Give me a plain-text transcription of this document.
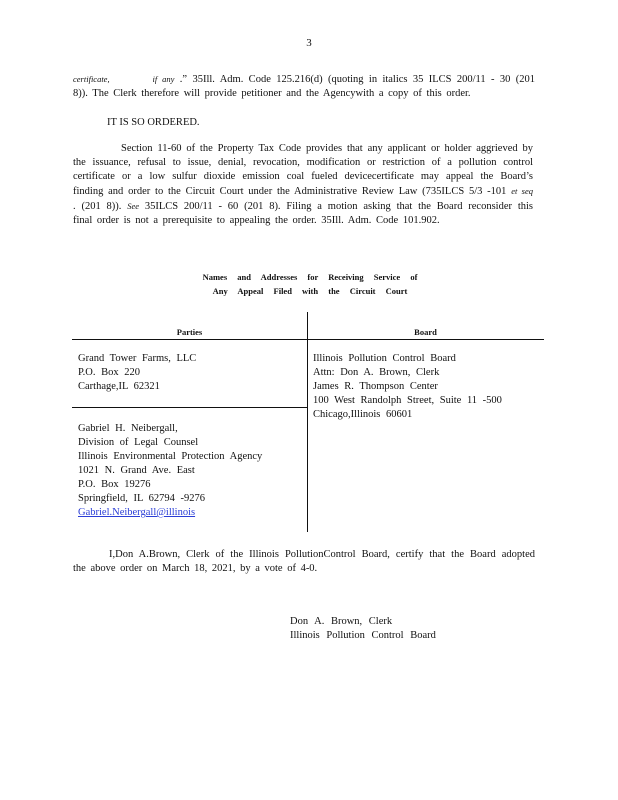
3
certificate,	if any .” 35Ill. Adm. Code 125.216(d) (quoting in italics 35 ILCS 200/11 - 30 (201 8)). The Clerk therefore will provide petitioner and the Agencywith a copy of this order.
IT IS SO ORDERED.
Section 11-60 of the Property Tax Code provides that any applicant or holder aggrieved by the issuance, refusal to issue, denial, revocation, modification or restriction of a pollution control certificate or a low sulfur dioxide emission coal fueled devicecertificate may appeal the Board’s finding and order to the Circuit Court under the Administrative Review Law (735ILCS 5/3 -101 et seq . (201 8)). See 35ILCS 200/11 - 60 (201 8). Filing a motion asking that the Board reconsider this final order is not a prerequisite to appealing the order. 35Ill. Adm. Code 101.902.
Names and Addresses for Receiving Service of
Any Appeal Filed with the Circuit Court
Parties	Board
Grand Tower Farms, LLC
P.O. Box 220
Carthage,IL 62321
Gabriel H. Neibergall,
Division of Legal Counsel
Illinois Environmental Protection Agency
1021 N. Grand Ave. East
P.O. Box 19276
Springfield, IL 62794 -9276
Gabriel.Neibergall@illinois
Illinois Pollution Control Board
Attn: Don A. Brown, Clerk
James R. Thompson Center
100 West Randolph Street, Suite 11 -500
Chicago,Illinois 60601
I,Don A.Brown, Clerk of the Illinois PollutionControl Board, certify that the Board adopted the above order on March 18, 2021, by a vote of 4-0.
Don A. Brown, Clerk
Illinois Pollution Control Board
